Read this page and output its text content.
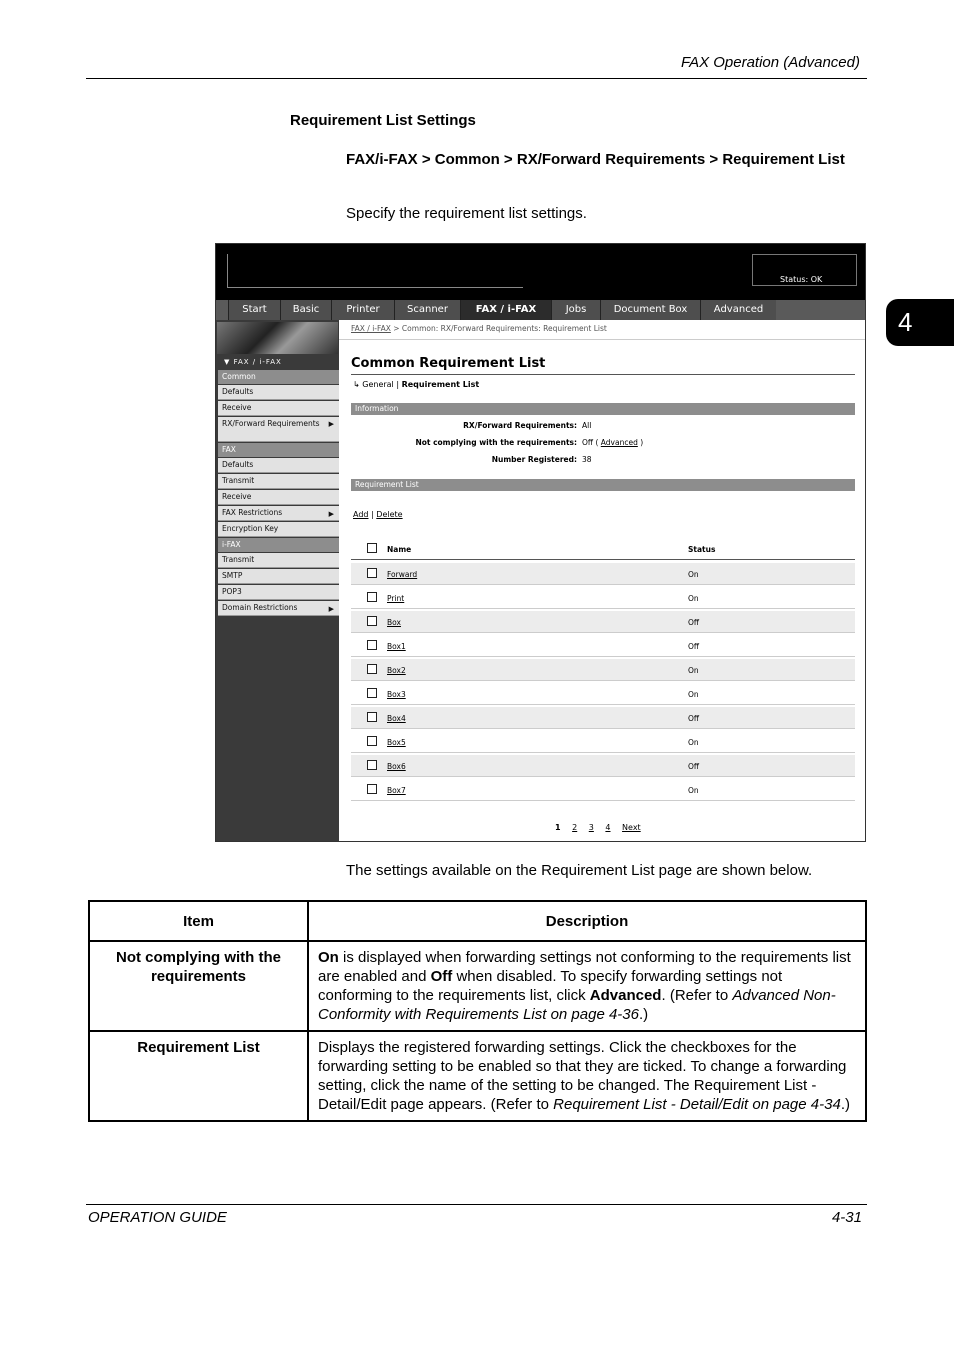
FAX Operation (Advanced)
4
Requirement List Settings
FAX/i-FAX > Common > RX/Forward Requirements > Requirement List
Specify the requirement list settings.
Status: OK
Start	Basic	Printer	Scanner	FAX / i-FAX	Jobs	Document Box	Advanced
▼ FAX / i-FAX
Common
Defaults
Receive
RX/Forward Requirements ▶
FAX
Defaults
Transmit
Receive
FAX Restrictions	▶
Encryption Key
i-FAX
Transmit
SMTP
POP3
Domain Restrictions	▶
FAX / i-FAX > Common: RX/Forward Requirements: Requirement List
Common Requirement List
↳ General | Requirement List
Information
RX/Forward Requirements: All
Not complying with the requirements: Off ( Advanced )
Number Registered: 38
Requirement List
Add | Delete
Name	Status
Forward	On
Print	On
Box	Off
Box1	Off
Box2	On
Box3	On
Box4	Off
Box5	On
Box6	Off
Box7	On
1 2 3 4 Next
The settings available on the Requirement List page are shown below.
Item	Description
Not complying with the requirements	On is displayed when forwarding settings not conforming to the requirements list are enabled and Off when disabled. To specify forwarding settings not conforming to the requirements list, click Advanced. (Refer to Advanced Non-Conformity with Requirements List on page 4-36.)
Requirement List	Displays the registered forwarding settings. Click the checkboxes for the forwarding setting to be enabled so that they are ticked. To change a forwarding setting, click the name of the setting to be changed. The Requirement List - Detail/Edit page appears. (Refer to Requirement List - Detail/Edit on page 4-34.)
OPERATION GUIDE	4-31
